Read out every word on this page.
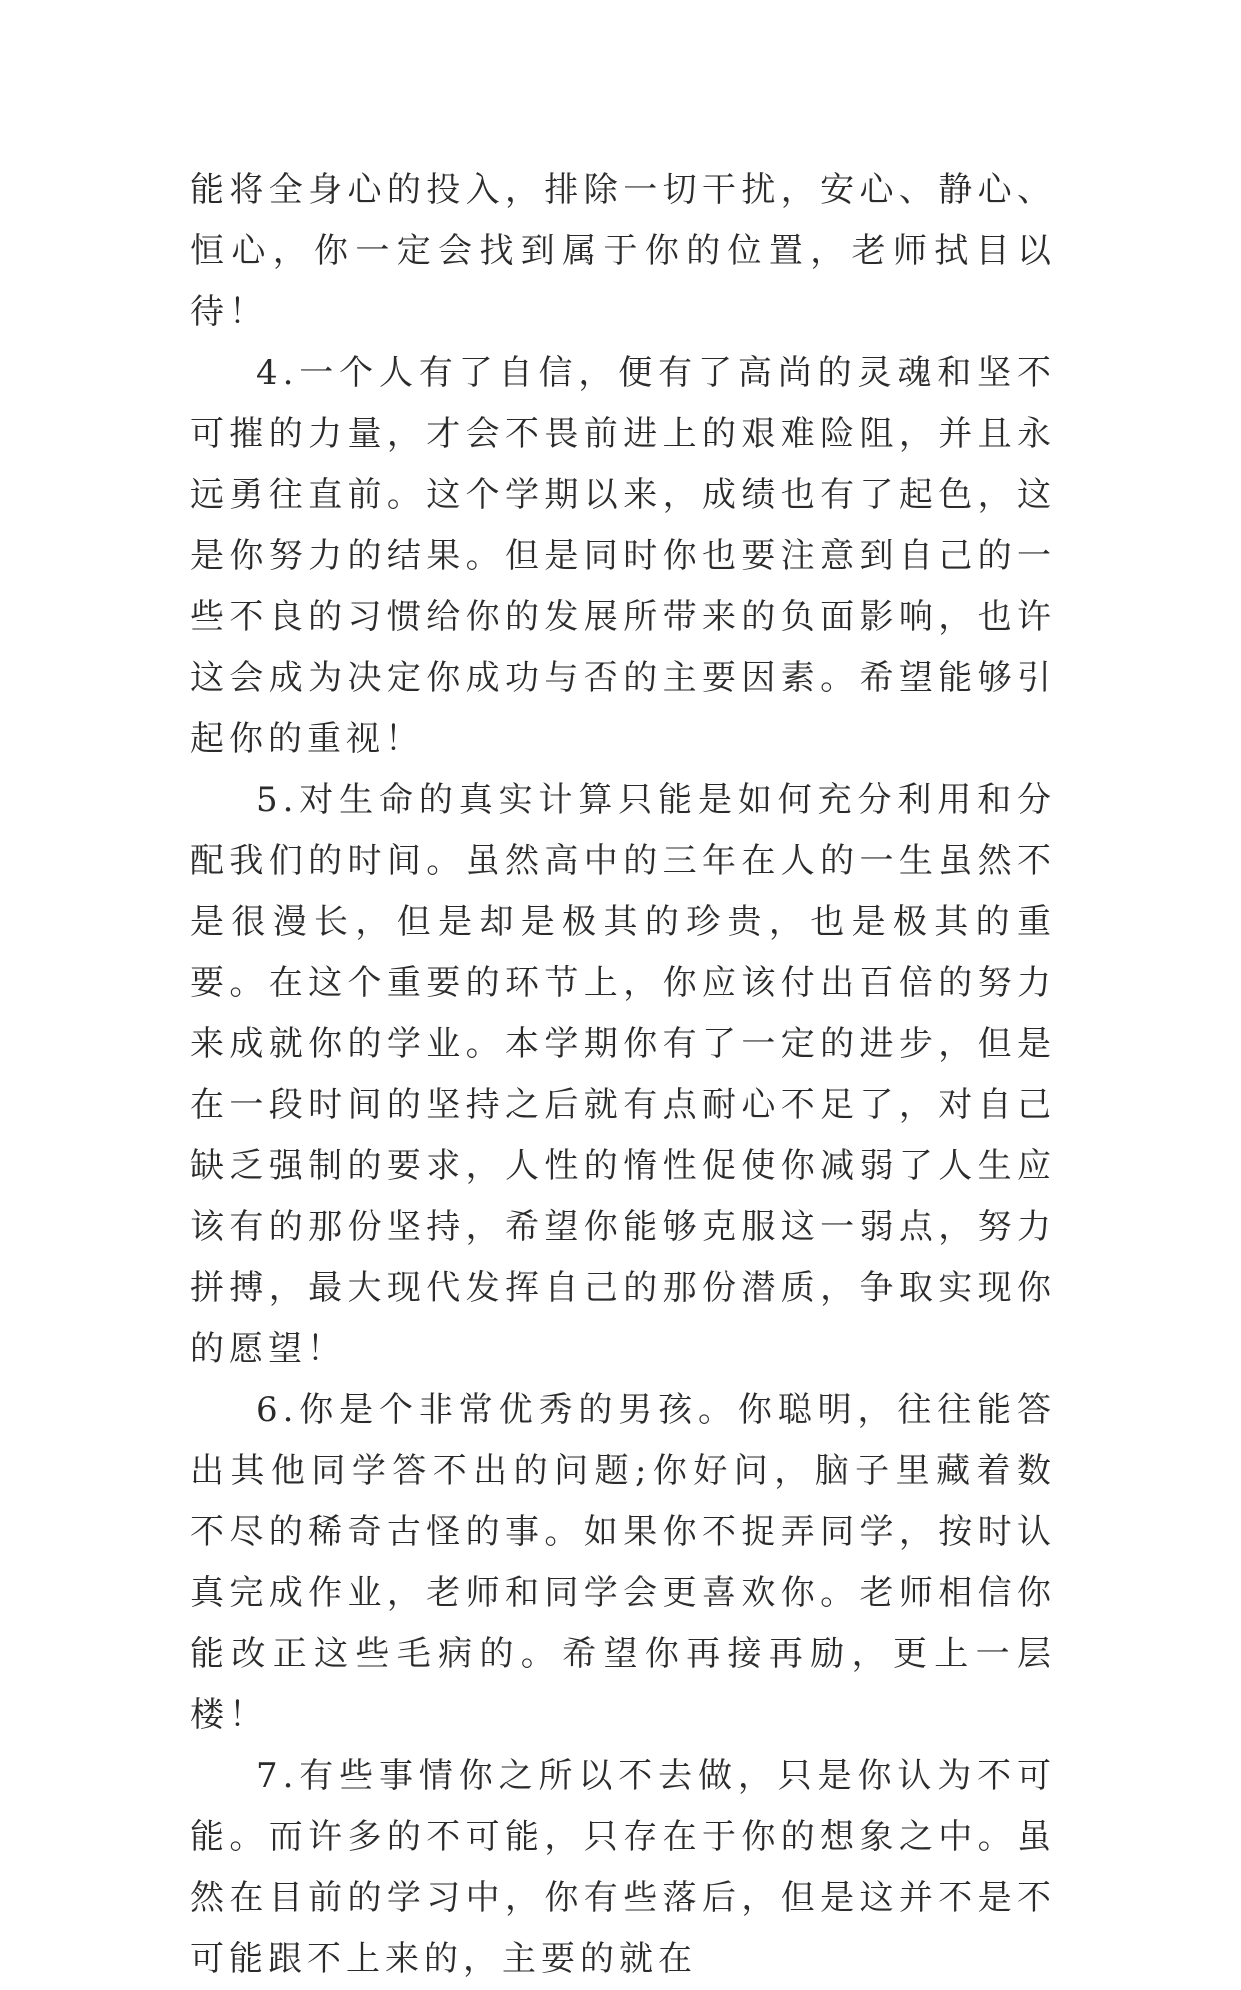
能将全身心的投入，排除一切干扰，安心、静心、恒心，你一定会找到属于你的位置，老师拭目以待！

4.一个人有了自信，便有了高尚的灵魂和坚不可摧的力量，才会不畏前进上的艰难险阻，并且永远勇往直前。这个学期以来，成绩也有了起色，这是你努力的结果。但是同时你也要注意到自己的一些不良的习惯给你的发展所带来的负面影响，也许这会成为决定你成功与否的主要因素。希望能够引起你的重视！

5.对生命的真实计算只能是如何充分利用和分配我们的时间。虽然高中的三年在人的一生虽然不是很漫长，但是却是极其的珍贵，也是极其的重要。在这个重要的环节上，你应该付出百倍的努力来成就你的学业。本学期你有了一定的进步，但是在一段时间的坚持之后就有点耐心不足了，对自己缺乏强制的要求，人性的惰性促使你减弱了人生应该有的那份坚持，希望你能够克服这一弱点，努力拼搏，最大现代发挥自己的那份潜质，争取实现你的愿望！

6.你是个非常优秀的男孩。你聪明，往往能答出其他同学答不出的问题;你好问，脑子里藏着数不尽的稀奇古怪的事。如果你不捉弄同学，按时认真完成作业，老师和同学会更喜欢你。老师相信你能改正这些毛病的。希望你再接再励，更上一层楼！

7.有些事情你之所以不去做，只是你认为不可能。而许多的不可能，只存在于你的想象之中。虽然在目前的学习中，你有些落后，但是这并不是不可能跟不上来的，主要的就在
